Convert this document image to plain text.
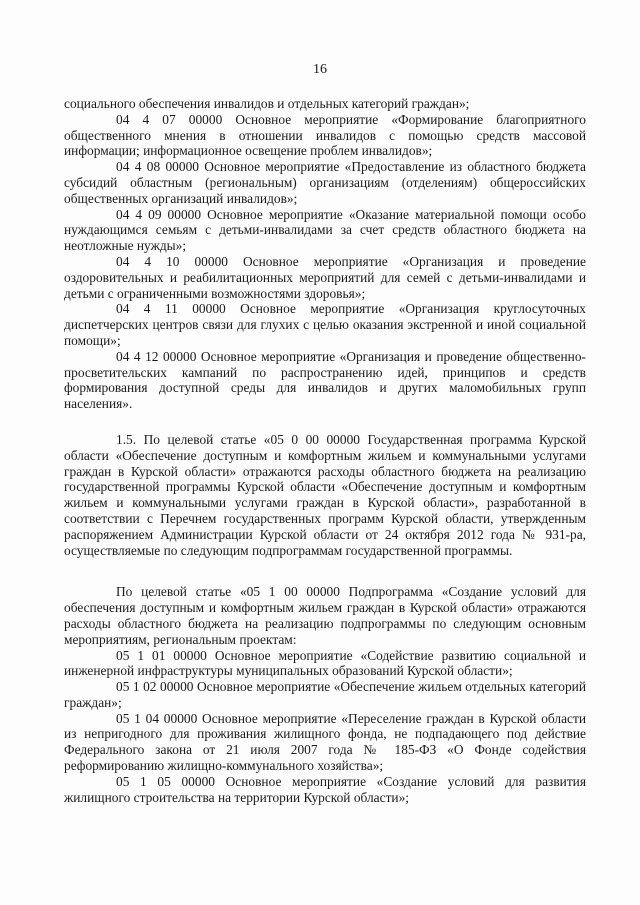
16

социального обеспечения инвалидов и отдельных категорий граждан»;

04 4 07 00000 Основное мероприятие «Формирование благоприятного общественного мнения в отношении инвалидов с помощью средств массовой информации; информационное освещение проблем инвалидов»;

04 4 08 00000 Основное мероприятие «Предоставление из областного бюджета субсидий областным (региональным) организациям (отделениям) общероссийских общественных организаций инвалидов»;

04 4 09 00000 Основное мероприятие «Оказание материальной помощи особо нуждающимся семьям с детьми-инвалидами за счет средств областного бюджета на неотложные нужды»;

04 4 10 00000 Основное мероприятие «Организация и проведение оздоровительных и реабилитационных мероприятий для семей с детьми-инвалидами и детьми с ограниченными возможностями здоровья»;

04 4 11 00000 Основное мероприятие «Организация круглосуточных диспетчерских центров связи для глухих с целью оказания экстренной и иной социальной помощи»;

04 4 12 00000 Основное мероприятие «Организация и проведение общественно-просветительских кампаний по распространению идей, принципов и средств формирования доступной среды для инвалидов и других маломобильных групп населения».

1.5. По целевой статье «05 0 00 00000 Государственная программа Курской области «Обеспечение доступным и комфортным жильем и коммунальными услугами граждан в Курской области» отражаются расходы областного бюджета на реализацию государственной программы Курской области «Обеспечение доступным и комфортным жильем и коммунальными услугами граждан в Курской области», разработанной в соответствии с Перечнем государственных программ Курской области, утвержденным распоряжением Администрации Курской области от 24 октября 2012 года № 931-ра, осуществляемые по следующим подпрограммам государственной программы.

По целевой статье «05 1 00 00000 Подпрограмма «Создание условий для обеспечения доступным и комфортным жильем граждан в Курской области» отражаются расходы областного бюджета на реализацию подпрограммы по следующим основным мероприятиям, региональным проектам:

05 1 01 00000 Основное мероприятие «Содействие развитию социальной и инженерной инфраструктуры муниципальных образований Курской области»;

05 1 02 00000 Основное мероприятие «Обеспечение жильем отдельных категорий граждан»;

05 1 04 00000 Основное мероприятие «Переселение граждан в Курской области из непригодного для проживания жилищного фонда, не подпадающего под действие Федерального закона от 21 июля 2007 года № 185-ФЗ «О Фонде содействия реформированию жилищно-коммунального хозяйства»;

05 1 05 00000 Основное мероприятие «Создание условий для развития жилищного строительства на территории Курской области»;
